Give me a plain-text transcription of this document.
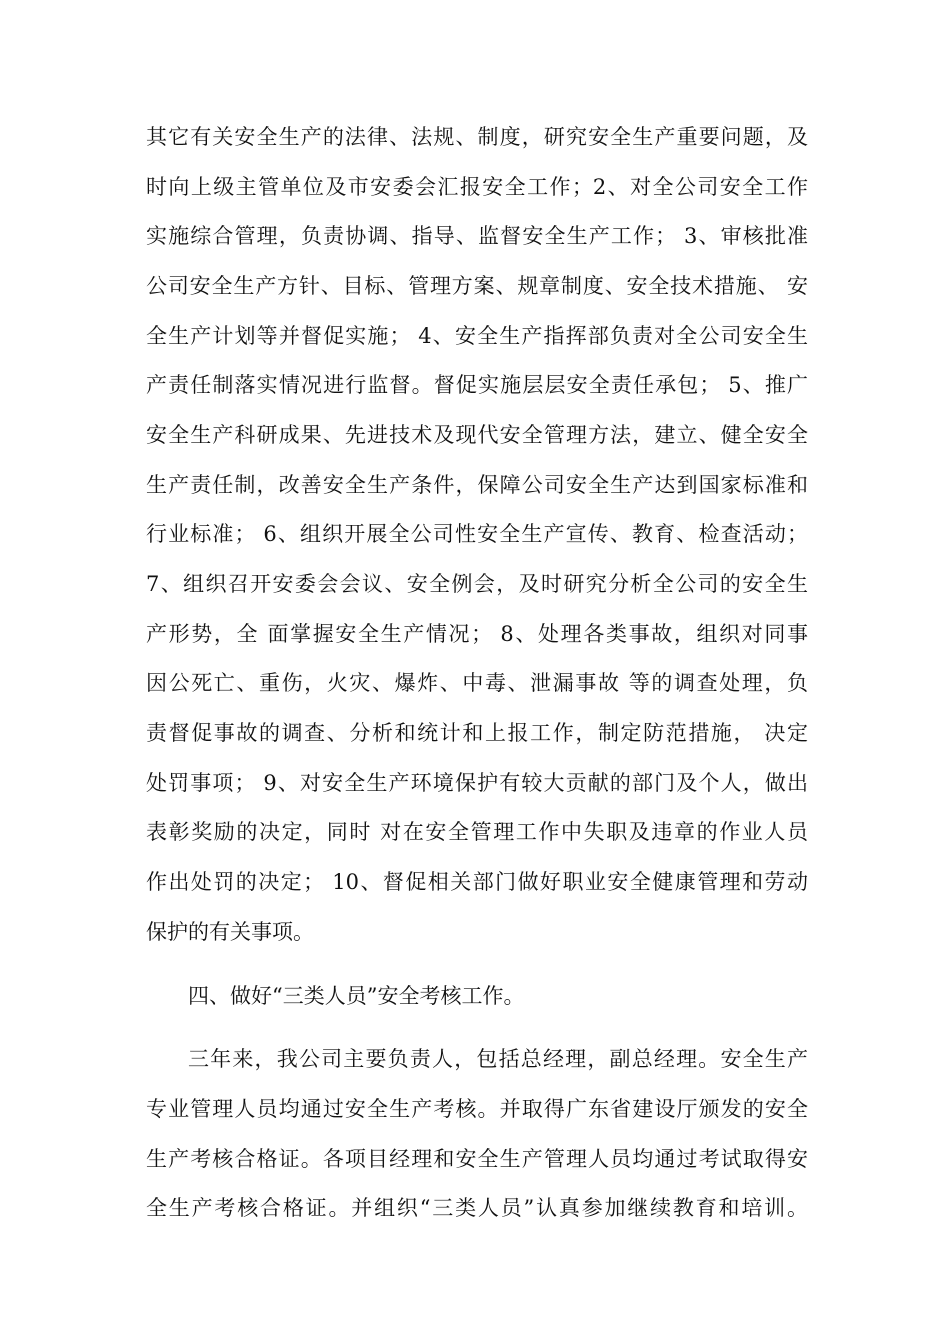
其它有关安全生产的法律、法规、制度，研究安全生产重要问题，及
时向上级主管单位及市安委会汇报安全工作；2、对全公司安全工作
实施综合管理，负责协调、指导、监督安全生产工作； 3、审核批准
公司安全生产方针、目标、管理方案、规章制度、安全技术措施、 安
全生产计划等并督促实施； 4、安全生产指挥部负责对全公司安全生
产责任制落实情况进行监督。督促实施层层安全责任承包； 5、推广
安全生产科研成果、先进技术及现代安全管理方法，建立、健全安全
生产责任制，改善安全生产条件，保障公司安全生产达到国家标准和
行业标准； 6、组织开展全公司性安全生产宣传、教育、检查活动；
7、组织召开安委会会议、安全例会，及时研究分析全公司的安全生
产形势，全 面掌握安全生产情况； 8、处理各类事故，组织对同事
因公死亡、重伤，火灾、爆炸、中毒、泄漏事故 等的调查处理，负
责督促事故的调查、分析和统计和上报工作，制定防范措施， 决定
处罚事项； 9、对安全生产环境保护有较大贡献的部门及个人，做出
表彰奖励的决定，同时 对在安全管理工作中失职及违章的作业人员
作出处罚的决定； 10、督促相关部门做好职业安全健康管理和劳动
保护的有关事项。
四、做好“三类人员”安全考核工作。
三年来，我公司主要负责人，包括总经理，副总经理。安全生产
专业管理人员均通过安全生产考核。并取得广东省建设厅颁发的安全
生产考核合格证。各项目经理和安全生产管理人员均通过考试取得安
全生产考核合格证。并组织“三类人员”认真参加继续教育和培训。
